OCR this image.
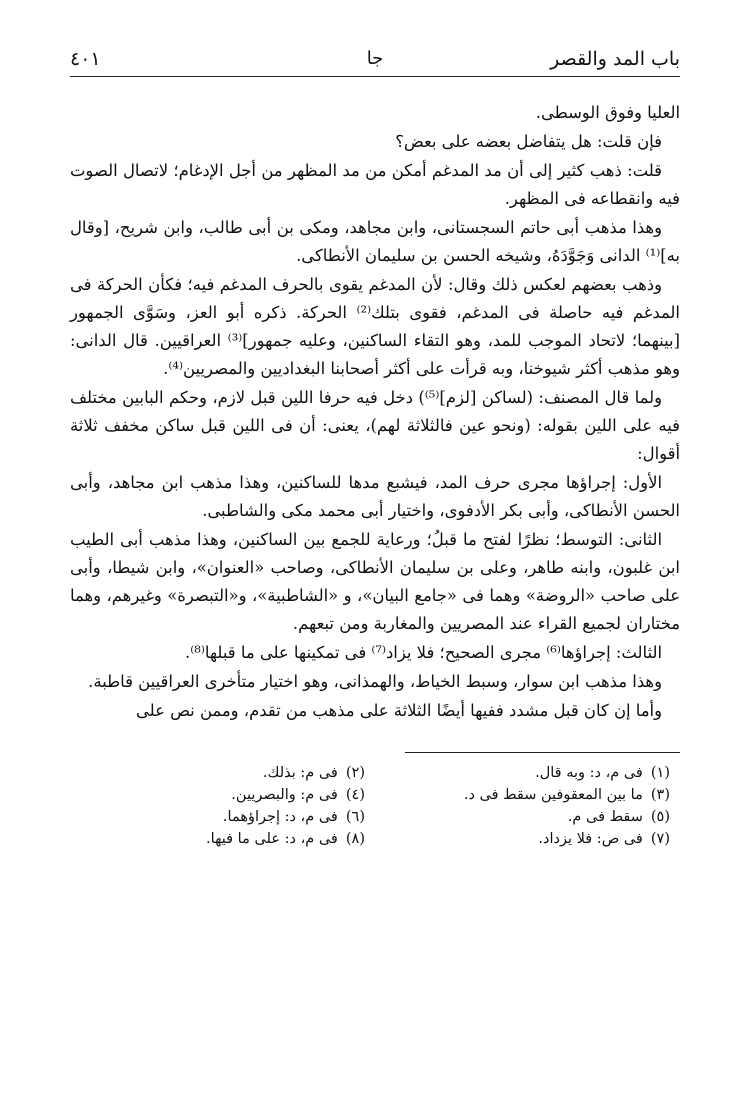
باب المد والقصر
جا
٤٠١

العليا وفوق الوسطى.

فإن قلت: هل يتفاضل بعضه على بعض؟

قلت: ذهب كثير إلى أن مد المدغم أمكن من مد المظهر من أجل الإدغام؛ لاتصال الصوت فيه وانقطاعه فى المظهر.

وهذا مذهب أبى حاتم السجستانى، وابن مجاهد، ومكى بن أبى طالب، وابن شريح، [وقال به]⁽¹⁾ الدانى وَجَوَّدَهُ، وشيخه الحسن بن سليمان الأنطاكى.

وذهب بعضهم لعكس ذلك وقال: لأن المدغم يقوى بالحرف المدغم فيه؛ فكأن الحركة فى المدغم فيه حاصلة فى المدغم، فقوى بتلك⁽²⁾ الحركة. ذكره أبو العز، وسَوَّى الجمهور [بينهما؛ لاتحاد الموجب للمد، وهو التقاء الساكنين، وعليه جمهور]⁽³⁾ العراقيين. قال الدانى: وهو مذهب أكثر شيوخنا، وبه قرأت على أكثر أصحابنا البغداديين والمصريين⁽⁴⁾.

ولما قال المصنف: (لساكن [لزم]⁽⁵⁾) دخل فيه حرفا اللين قبل لازم، وحكم البابين مختلف فيه على اللين بقوله: (ونحو عين فالثلاثة لهم)، يعنى: أن فى اللين قبل ساكن مخفف ثلاثة أقوال:

الأول: إجراؤها مجرى حرف المد، فيشبع مدها للساكنين، وهذا مذهب ابن مجاهد، وأبى الحسن الأنطاكى، وأبى بكر الأدفوى، واختيار أبى محمد مكى والشاطبى.

الثانى: التوسط؛ نظرًا لفتح ما قبلُ؛ ورعاية للجمع بين الساكنين، وهذا مذهب أبى الطيب ابن غلبون، وابنه طاهر، وعلى بن سليمان الأنطاكى، وصاحب «العنوان»، وابن شيطا، وأبى على صاحب «الروضة» وهما فى «جامع البيان»، و «الشاطبية»، و«التبصرة» وغيرهم، وهما مختاران لجميع القراء عند المصريين والمغاربة ومن تبعهم.

الثالث: إجراؤها⁽⁶⁾ مجرى الصحيح؛ فلا يزاد⁽⁷⁾ فى تمكينها على ما قبلها⁽⁸⁾.

وهذا مذهب ابن سوار، وسبط الخياط، والهمذانى، وهو اختيار متأخرى العراقيين قاطبة.

وأما إن كان قبل مشدد ففيها أيضًا الثلاثة على مذهب من تقدم، وممن نص على

(١)فى م، د: وبه قال.
(٢)فى م: بذلك.
(٣)ما بين المعقوفين سقط فى د.
(٤)فى م: والبصريين.
(٥)سقط فى م.
(٦)فى م، د: إجراؤهما.
(٧)فى ص: فلا يزداد.
(٨)فى م، د: على ما فيها.
